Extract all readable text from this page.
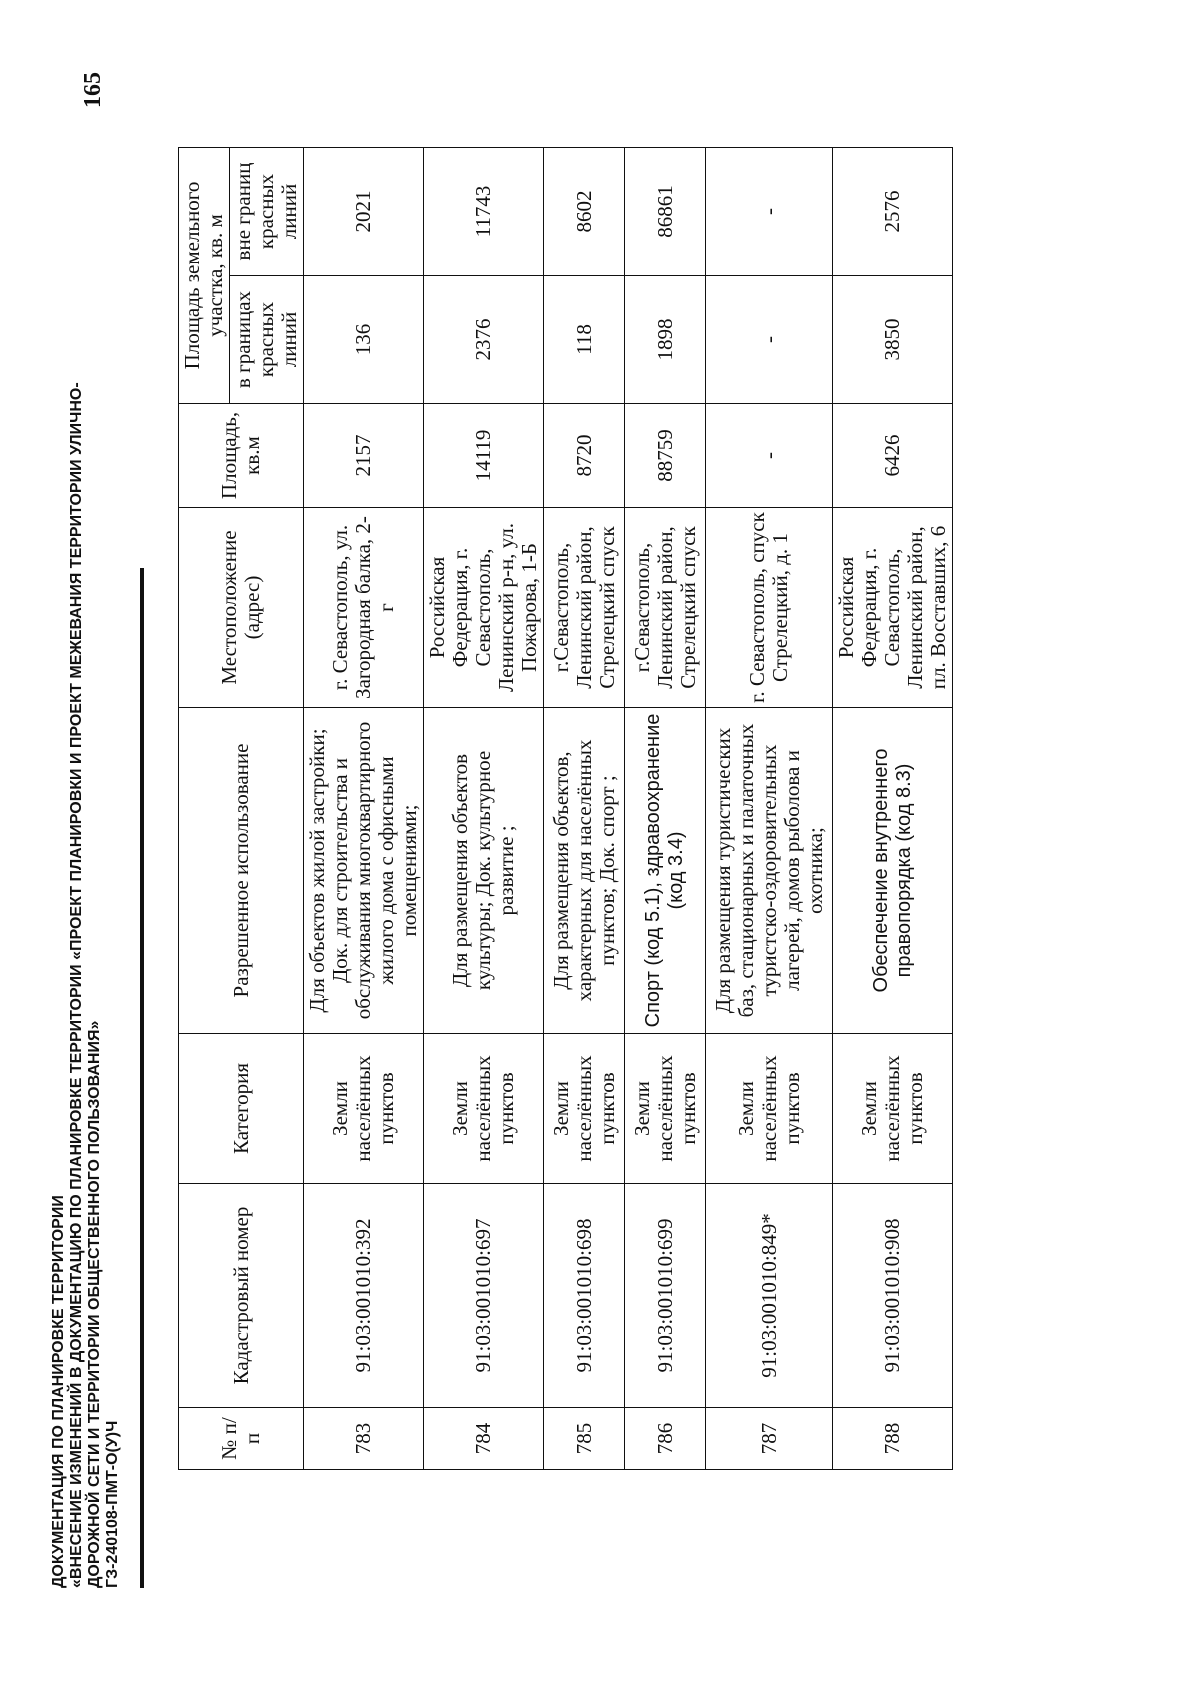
ДОКУМЕНТАЦИЯ ПО ПЛАНИРОВКЕ ТЕРРИТОРИИ «ВНЕСЕНИЕ ИЗМЕНЕНИЙ В ДОКУМЕНТАЦИЮ ПО ПЛАНИРОВКЕ ТЕРРИТОРИИ «ПРОЕКТ ПЛАНИРОВКИ И ПРОЕКТ МЕЖЕВАНИЯ ТЕРРИТОРИИ УЛИЧНО- ДОРОЖНОЙ СЕТИ И ТЕРРИТОРИИ ОБЩЕСТВЕННОГО ПОЛЬЗОВАНИЯ» ГЗ-240108-ПМТ-О(У)Ч
165
№ п/п	Кадастровый номер	Категория	Разрешенное использование	Местоположение (адрес)	Площадь, кв.м	Площадь земельного участка, кв. м	
						в границах красных линий	вне границ красных линий
783	91:03:001010:392	Земли населённых пунктов	Для объектов жилой застройки; Док. для строительства и обслуживания многоквартирного жилого дома с офисными помещениями;	г. Севастополь, ул. Загородная балка, 2-г	2157	136	2021
784	91:03:001010:697	Земли населённых пунктов	Для размещения объектов культуры; Док. культурное развитие ;	Российская Федерация, г. Севастополь, Ленинский р-н, ул. Пожарова, 1-Б	14119	2376	11743
785	91:03:001010:698	Земли населённых пунктов	Для размещения объектов, характерных для населённых пунктов; Док. спорт ;	г.Севастополь, Ленинский район, Стрелецкий спуск	8720	118	8602
786	91:03:001010:699	Земли населённых пунктов	Спорт (код 5.1), здравоохранение (код 3.4)	г.Севастополь, Ленинский район, Стрелецкий спуск	88759	1898	86861
787	91:03:001010:849*	Земли населённых пунктов	Для размещения туристических баз, стационарных и палаточных туристско-оздоровительных лагерей, домов рыболова и охотника;	г. Севастополь, спуск Стрелецкий, д. 1	-	-	-
788	91:03:001010:908	Земли населённых пунктов	Обеспечение внутреннего правопорядка (код 8.3)	Российская Федерация, г. Севастополь, Ленинский район, пл. Восставших, 6	6426	3850	2576
